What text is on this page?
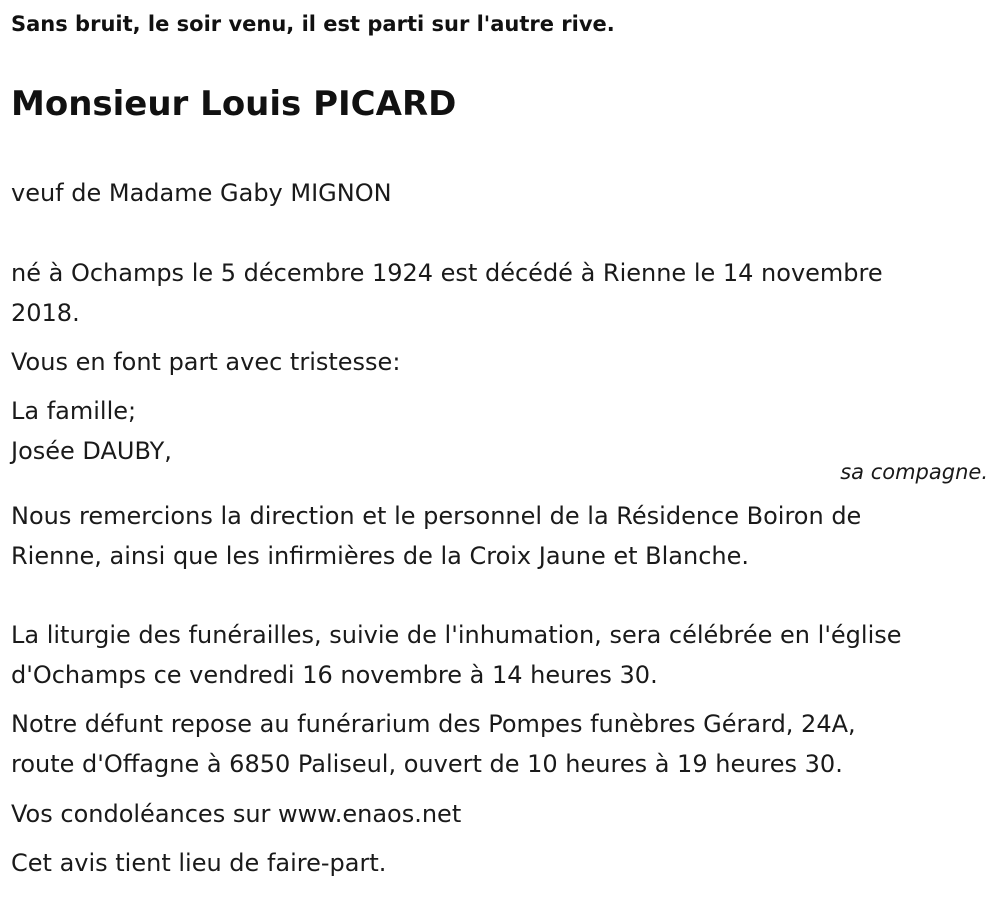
Sans bruit, le soir venu, il est parti sur l'autre rive.
Monsieur Louis PICARD
veuf de Madame Gaby MIGNON
né à Ochamps le 5 décembre 1924 est décédé à Rienne le 14 novembre
2018.
Vous en font part avec tristesse:
La famille;
Josée DAUBY,
sa compagne.
Nous remercions la direction et le personnel de la Résidence Boiron de
Rienne, ainsi que les infirmières de la Croix Jaune et Blanche.
La liturgie des funérailles, suivie de l'inhumation, sera célébrée en l'église
d'Ochamps ce vendredi 16 novembre à 14 heures 30.
Notre défunt repose au funérarium des Pompes funèbres Gérard, 24A,
route d'Offagne à 6850 Paliseul, ouvert de 10 heures à 19 heures 30.
Vos condoléances sur www.enaos.net
Cet avis tient lieu de faire-part.
